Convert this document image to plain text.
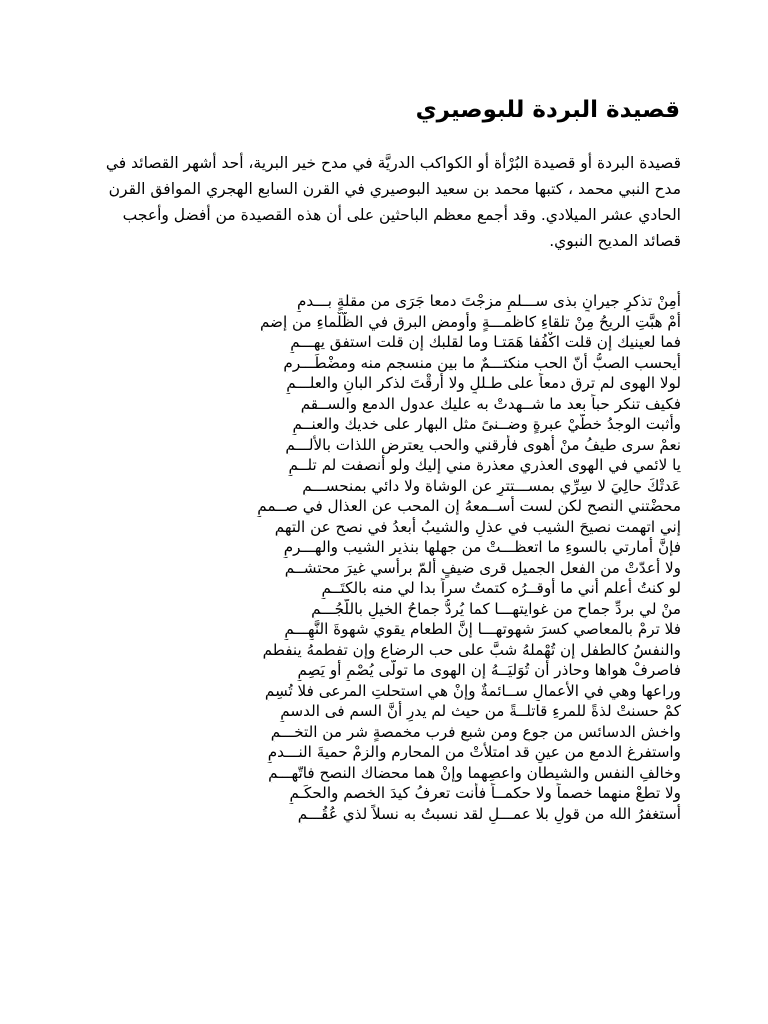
قصيدة البردة للبوصيري
قصيدة البردة أو قصيدة البُرْأة أو الكواكب الدريَّة في مدح خير البرية، أحد أشهر القصائد في
مدح النبي محمد ، كتبها محمد بن سعيد البوصيري في القرن السابع الهجري الموافق القرن
الحادي عشر الميلادي. وقد أجمع معظم الباحثين على أن هذه القصيدة من أفضل وأعجب
قصائد المديح النبوي.
أمِنْ تذكرِ جيرانٍ بذى ســـلمِ مزجْتَ دمعا جَرَى من مقلةٍ بـــدمِ
أَمْ هبَّتِ الريحُ مِنْ تلقاءِ كاظمـــةٍ وأَومض البرق في الظَّلْماءِ من إضمِ
فما لعينيك إن قلت اكْفُفا هَمَتـا وما لقلبك إن قلت استفق يهـــمِ
أيحسب الصبُّ أنّ الحب منكتـــمٌ ما بين منسجم منه ومضْطَـــرمِ
لولا الهوى لم ترق دمعاً على طـللٍ ولا أرقْتَ لذكر البانِ والعلـــمِ
فكيف تنكر حباً بعد ما شــهدتْ به عليك عدول الدمع والســقمِ
وأثبت الوجدُ خطَّيْ عبرةٍ وضــنىً مثل البهار على خديك والعنــمِ
نعمْ سرى طيفُ منْ أهوى فأرقني والحب يعترض اللذات بالألـــمِ
يا لائمي في الهوى العذري معذرة مني إليك ولو أنصفت لم تلــمِ
عَدتْكَ حالِيَ لا سِرِّي بمســـتترٍ عن الوشاة ولا دائي بمنحســـمِ
محضْتني النصح لكن لست أســمعهُ إن المحب عن العذال في صــممِ
إني اتهمت نصيحَ الشيب في عذلٍ والشيبُ أبعدُ في نصح عن التهمِ
فإنَّ أمارتي بالسوءِ ما اتعظـــتْ من جهلها بنذير الشيب والهـــرمِ
ولا أعدّتْ من الفعل الجميل قرى ضيفٍ ألمّ برأسي غيرَ محتشــمِ
لو كنتُ أعلم أني ما أوقــرُه كتمتُ سراً بدا لي منه بالكتَــمِ
منْ لي بردِّ جماحٍ من غوايتهـــا كما يُردُّ جماحُ الخيلِ باللُّجُـــمِ
فلا ترمْ بالمعاصي كسرَ شهوتهـــا إنَّ الطعام يقوي شهوةَ النَّهِـــمِ
والنفسُ كالطفل إن تُهْملهُ شبَّ على حب الرضاعِ وإن تفطمهُ ينفطمِ
فاصرفْ هواها وحاذر أن تُوَليَــهُ إن الهوى ما تولَّى يُصْمِ أو يَصِمِ
وراعها وهي في الأعمالِ ســائمةٌ وإنْ هي استحلتِ المرعى فلا تُسِمِ
كمْ حسنتْ لذةً للمرءِ قاتلــةً من حيث لم يدرِ أنَّ السم فى الدسمِ
واخش الدسائس من جوعٍ ومن شبعٍ فرب مخمصةٍ شر من التخـــمِ
واستفرغ الدمع من عينٍ قد امتلأتْ من المحارم والزمْ حميةَ النـــدمِ
وخالفِ النفس والشيطان واعصِهما وإنْ هما محضاك النصح فاتّهِـــمِ
ولا تطعْ منهما خصماً ولا حكمــاً فأنت تعرفُ كيدَ الخصم والحكَـمِ
أستغفرُ الله من قولٍ بلا عمـــلٍ لقد نسبتُ به نسلاً لذي عُقُـــمِ
